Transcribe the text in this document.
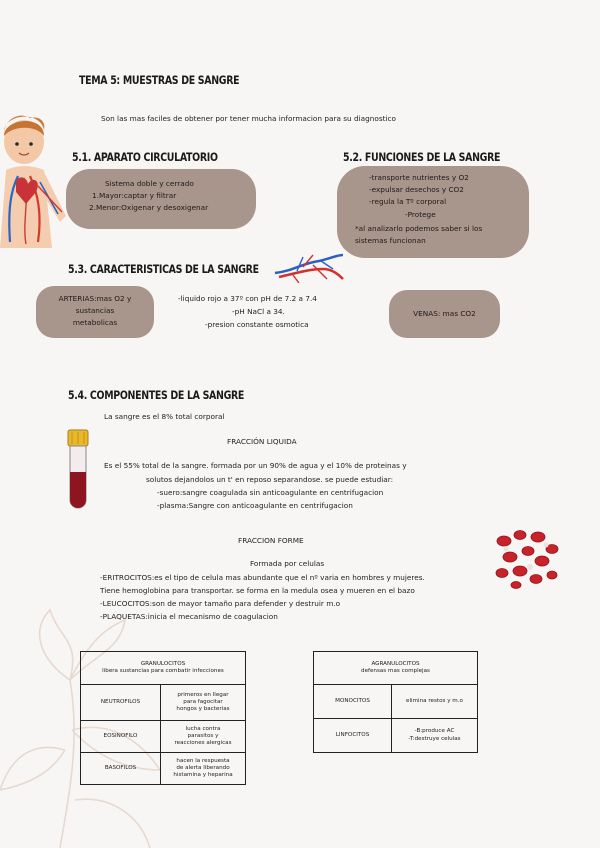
TEMA 5: MUESTRAS DE SANGRE
Son las mas faciles de obtener por tener mucha informacion para su diagnostico
5.1. APARATO CIRCULATORIO
Sistema doble y cerrado
1.Mayor:captar y filtrar
2.Menor:Oxigenar y desoxigenar
5.2. FUNCIONES DE LA SANGRE
-transporte nutrientes y O2
-expulsar desechos y CO2
-regula la Tº corporal
-Protege
*al analizarlo podemos saber si los
sistemas funcionan
5.3. CARACTERISTICAS DE LA SANGRE
ARTERIAS:mas O2 y
sustancias
metabolicas
-liquido rojo a 37º con pH de 7.2 a 7.4
-pH NaCl a 34.
-presion constante osmotica
VENAS: mas CO2
5.4. COMPONENTES DE LA SANGRE
La sangre es el 8% total corporal
FRACCIÓN LIQUIDA
Es el 55% total de la sangre. formada por un 90% de agua y el 10% de proteinas y
solutos dejandolos un t' en reposo separandose. se puede estudiar:
-suero:sangre coagulada sin anticoagulante en centrifugacion
-plasma:Sangre con anticoagulante en centrifugacion
FRACCION FORME
Formada por celulas
-ERITROCITOS:es el tipo de celula mas abundante que el nº varia en hombres y mujeres.
Tiene hemoglobina para transportar. se forma en la medula osea y mueren en el bazo
-LEUCOCITOS:son de mayor tamaño para defender y destruir m.o
-PLAQUETAS:inicia el mecanismo de coagulacion
GRANULOCITOS
libera sustancias para combatir infecciones	

NEUTROFILOS	primeros en llegar
para fagocitar
hongos y bacterias

EOSINOFILO	lucha contra
parasitos y
reacciones alergicas

BASOFILOS	hacen la respuesta
de alerta liberando
histamina y heparina
AGRANULOCITOS
defensas mas complejas	

MONOCITOS	elimina restos y m.o

LINFOCITOS	-B:produce AC
-T:destruye celulas
